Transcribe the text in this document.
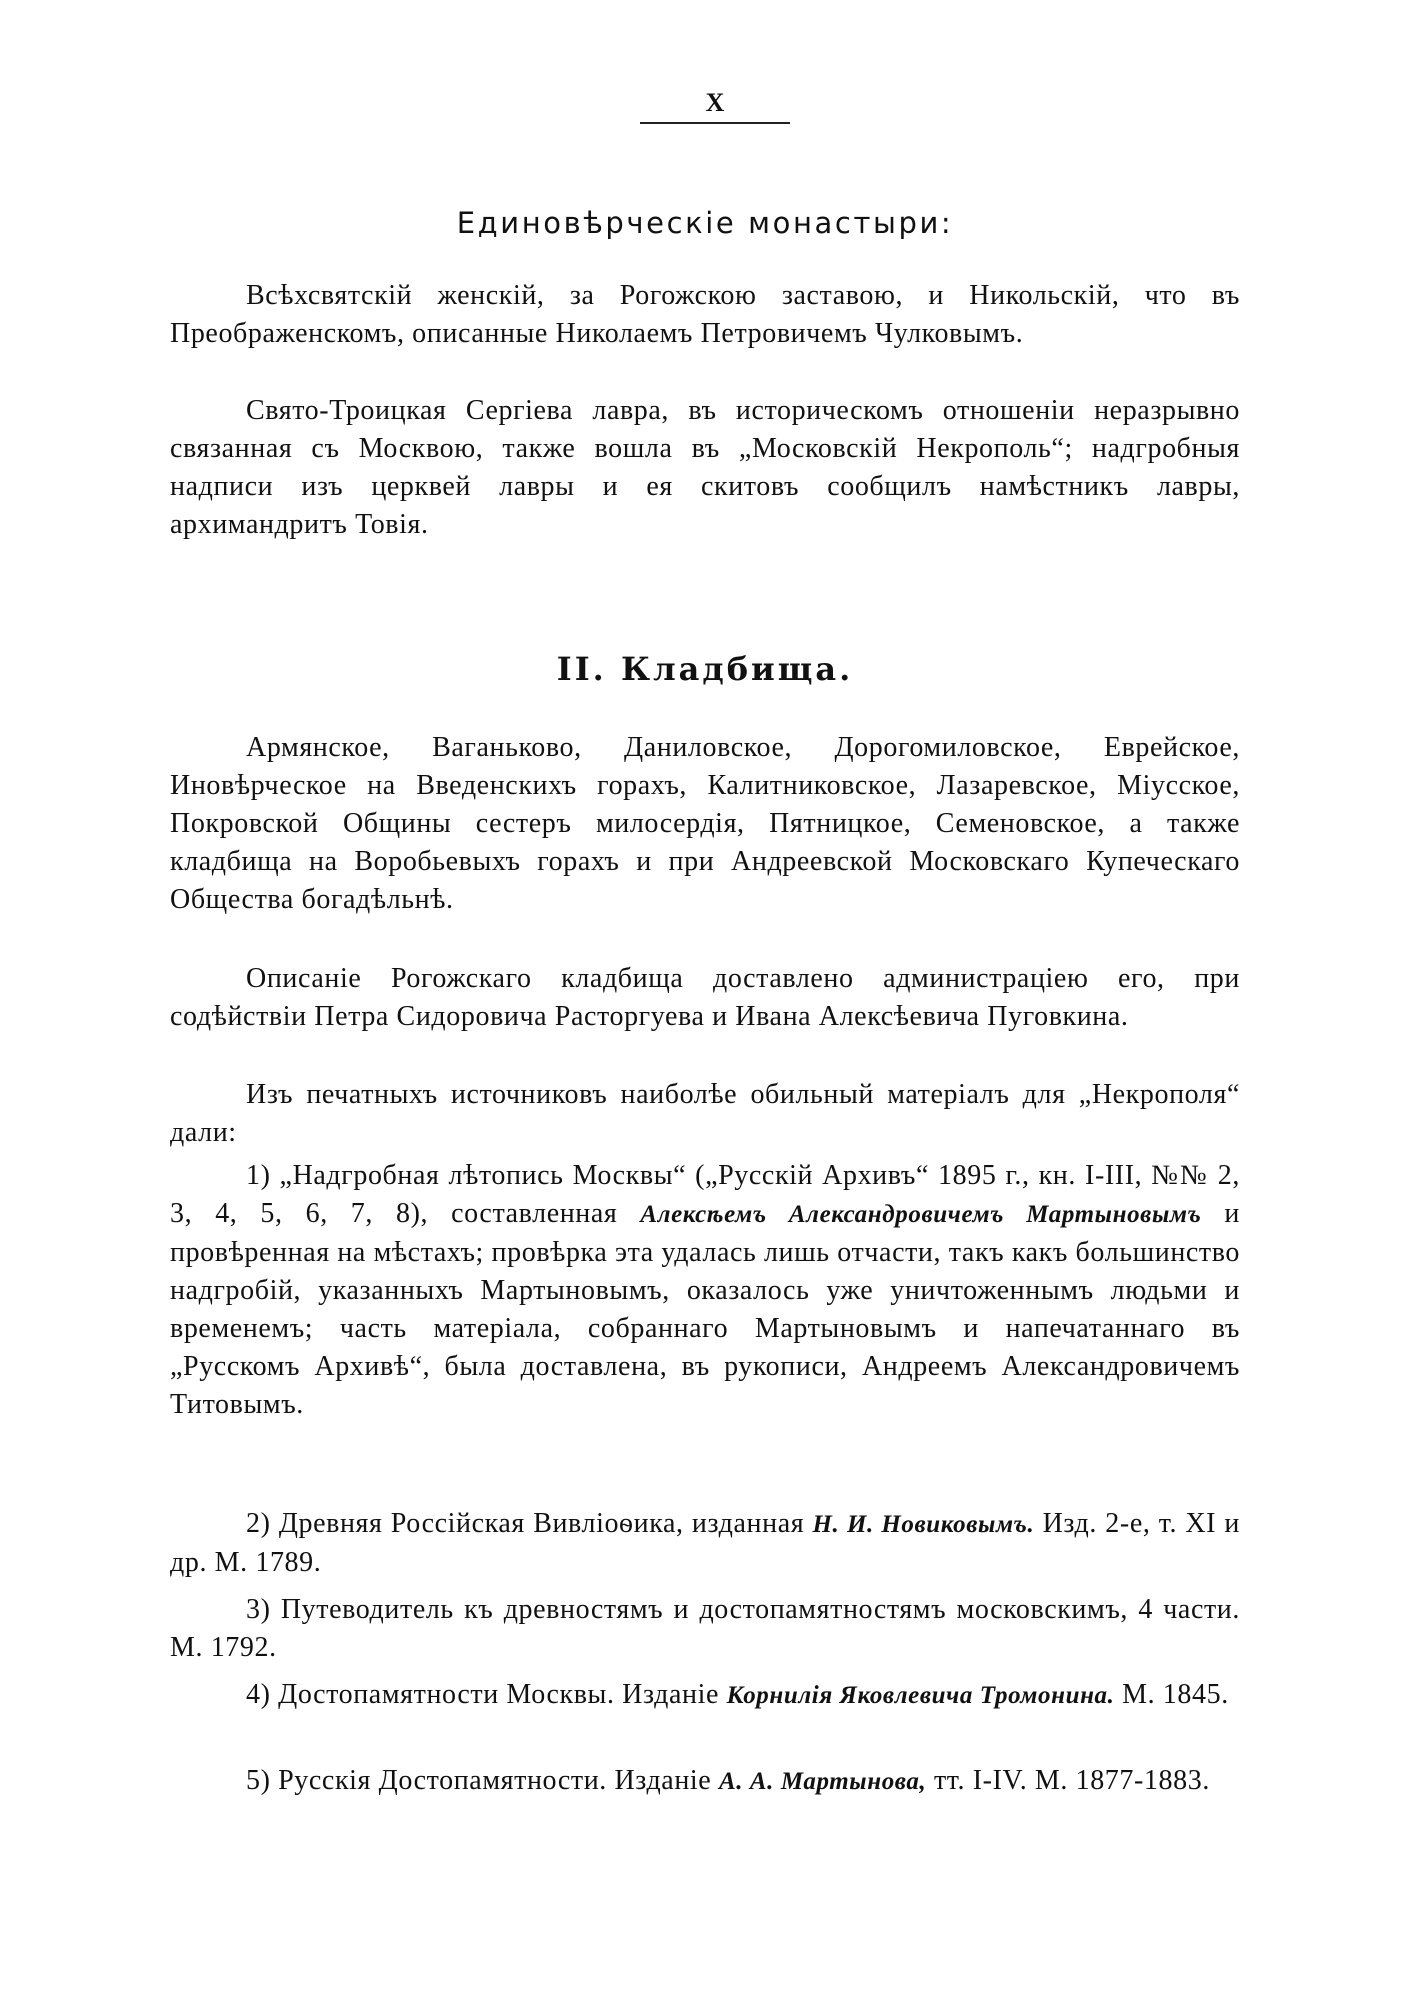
X
Единовѣрческіе монастыри:

Всѣхсвятскій женскій, за Рогожскою заставою, и Никольскій, что въ Преображенскомъ, описанные Николаемъ Петровичемъ Чулковымъ.

Свято-Троицкая Сергіева лавра, въ историческомъ отношеніи неразрывно связанная съ Москвою, также вошла въ „Московскій Некрополь“; надгробныя надписи изъ церквей лавры и ея скитовъ сообщилъ намѣстникъ лавры, архимандритъ Товія.

II. Кладбища.

Армянское, Ваганьково, Даниловское, Дорогомиловское, Еврейское, Иновѣрческое на Введенскихъ горахъ, Калитниковское, Лазаревское, Міусское, Покровской Общины сестеръ милосердія, Пятницкое, Семеновское, а также кладбища на Воробьевыхъ горахъ и при Андреевской Московскаго Купеческаго Общества богадѣльнѣ.

Описаніе Рогожскаго кладбища доставлено администраціею его, при содѣйствіи Петра Сидоровича Расторгуева и Ивана Алексѣевича Пуговкина.

Изъ печатныхъ источниковъ наиболѣе обильный матеріалъ для „Некрополя“ дали:

1) „Надгробная лѣтопись Москвы“ („Русскій Архивъ“ 1895 г., кн. I-III, №№ 2, 3, 4, 5, 6, 7, 8), составленная Алексѣемъ Александровичемъ Мартыновымъ и провѣренная на мѣстахъ; провѣрка эта удалась лишь отчасти, такъ какъ большинство надгробій, указанныхъ Мартыновымъ, оказалось уже уничтоженнымъ людьми и временемъ; часть матеріала, собраннаго Мартыновымъ и напечатаннаго въ „Русскомъ Архивѣ“, была доставлена, въ рукописи, Андреемъ Александровичемъ Титовымъ.

2) Древняя Россійская Вивліоѳика, изданная Н. И. Новиковымъ. Изд. 2-е, т. XI и др. М. 1789.

3) Путеводитель къ древностямъ и достопамятностямъ московскимъ, 4 части. М. 1792.

4) Достопамятности Москвы. Изданіе Корнилія Яковлевича Тромонина. М. 1845.

5) Русскія Достопамятности. Изданіе А. А. Мартынова, тт. I-IV. М. 1877-1883.
